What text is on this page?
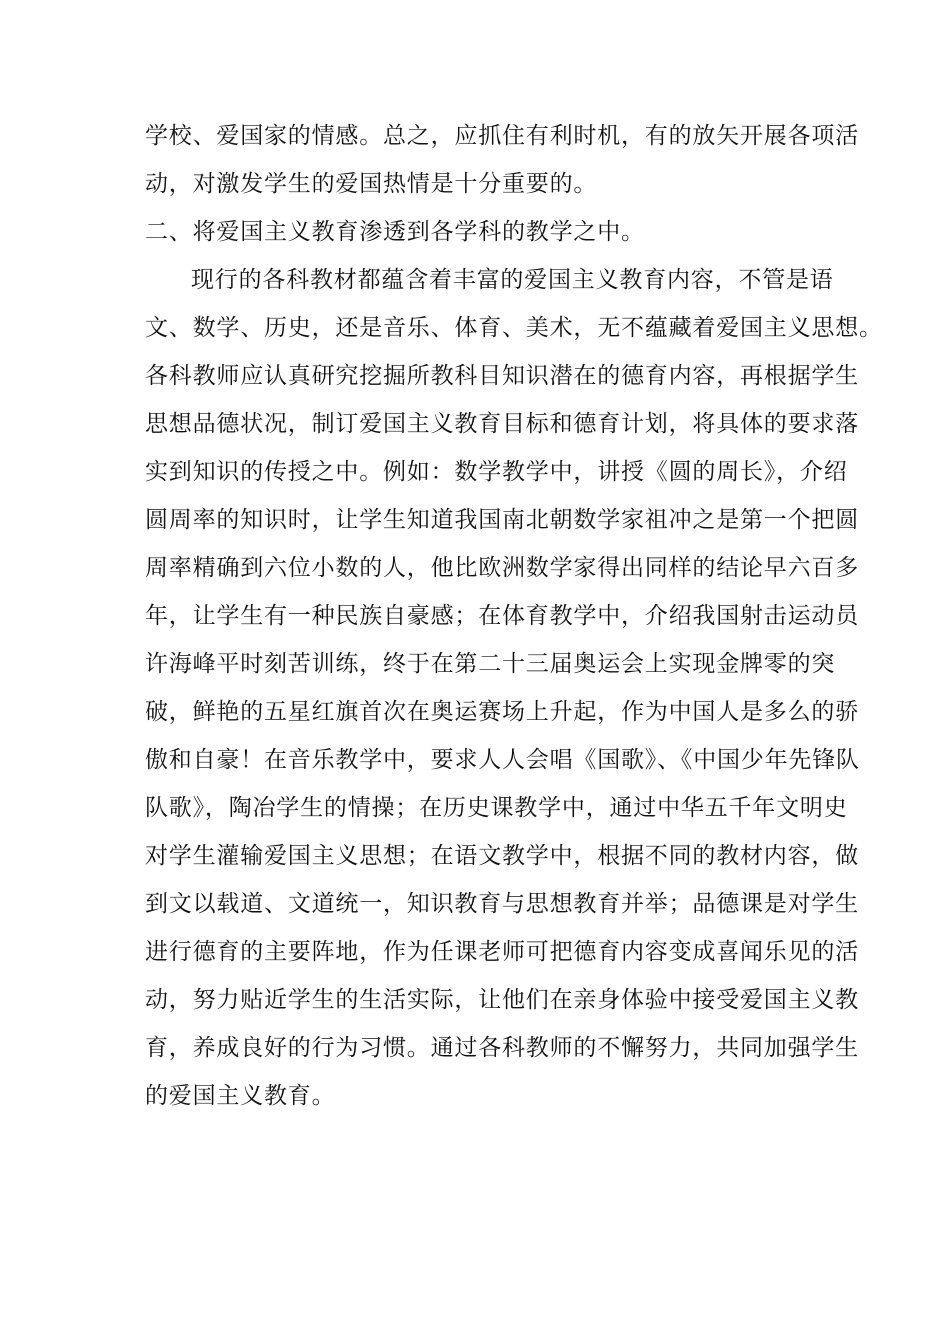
学校、爱国家的情感。总之，应抓住有利时机，有的放矢开展各项活
动，对激发学生的爱国热情是十分重要的。
二、将爱国主义教育渗透到各学科的教学之中。
现行的各科教材都蕴含着丰富的爱国主义教育内容，不管是语
文、数学、历史，还是音乐、体育、美术，无不蕴藏着爱国主义思想。
各科教师应认真研究挖掘所教科目知识潜在的德育内容，再根据学生
思想品德状况，制订爱国主义教育目标和德育计划，将具体的要求落
实到知识的传授之中。例如：数学教学中，讲授《圆的周长》，介绍
圆周率的知识时，让学生知道我国南北朝数学家祖冲之是第一个把圆
周率精确到六位小数的人，他比欧洲数学家得出同样的结论早六百多
年，让学生有一种民族自豪感；在体育教学中，介绍我国射击运动员
许海峰平时刻苦训练，终于在第二十三届奥运会上实现金牌零的突
破，鲜艳的五星红旗首次在奥运赛场上升起，作为中国人是多么的骄
傲和自豪！在音乐教学中，要求人人会唱《国歌》、《中国少年先锋队
队歌》，陶冶学生的情操；在历史课教学中，通过中华五千年文明史
对学生灌输爱国主义思想；在语文教学中，根据不同的教材内容，做
到文以载道、文道统一，知识教育与思想教育并举；品德课是对学生
进行德育的主要阵地，作为任课老师可把德育内容变成喜闻乐见的活
动，努力贴近学生的生活实际，让他们在亲身体验中接受爱国主义教
育，养成良好的行为习惯。通过各科教师的不懈努力，共同加强学生
的爱国主义教育。
